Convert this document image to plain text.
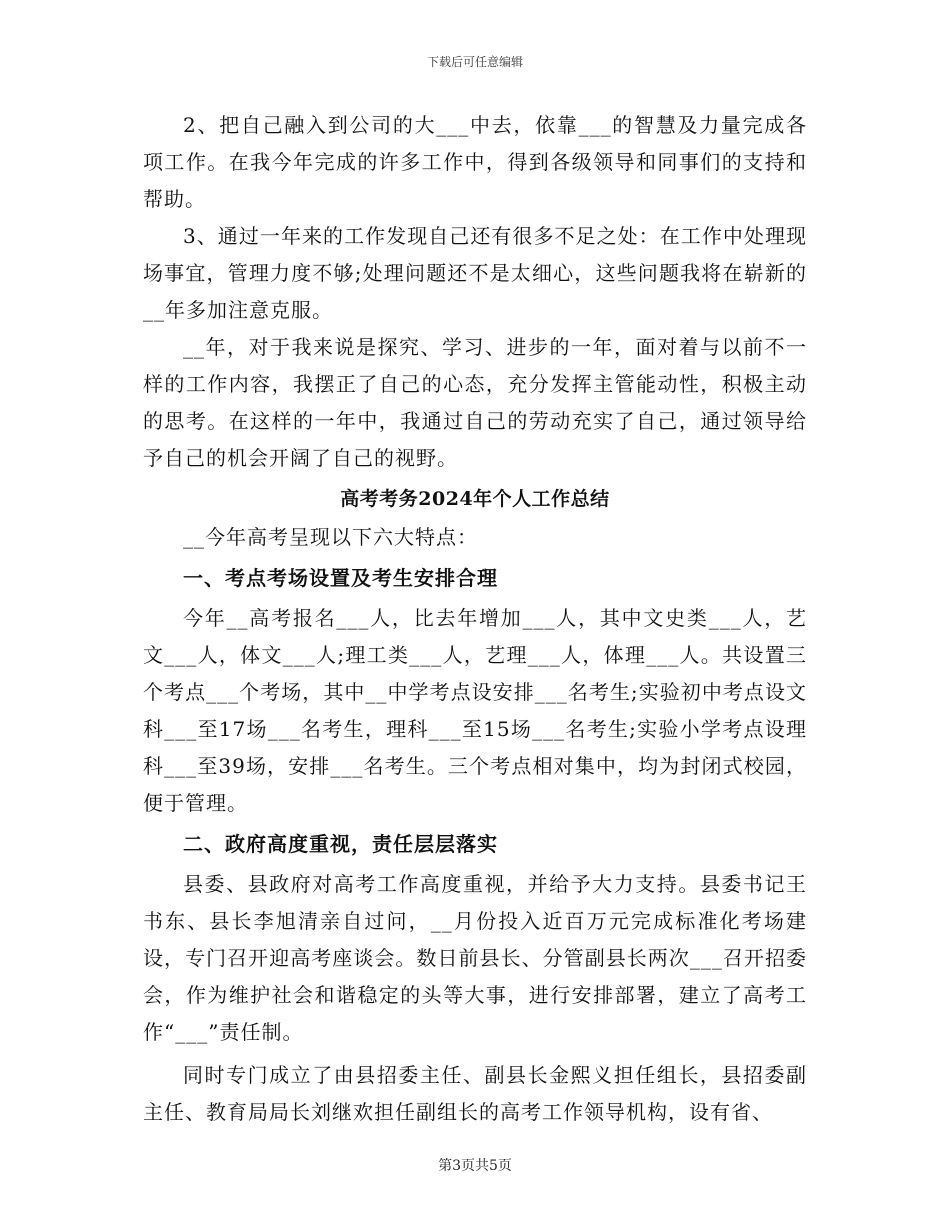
下载后可任意编辑

2、把自己融入到公司的大___中去，依靠___的智慧及力量完成各项工作。在我今年完成的许多工作中，得到各级领导和同事们的支持和帮助。

3、通过一年来的工作发现自己还有很多不足之处：在工作中处理现场事宜，管理力度不够;处理问题还不是太细心，这些问题我将在崭新的__年多加注意克服。

__年，对于我来说是探究、学习、进步的一年，面对着与以前不一样的工作内容，我摆正了自己的心态，充分发挥主管能动性，积极主动的思考。在这样的一年中，我通过自己的劳动充实了自己，通过领导给予自己的机会开阔了自己的视野。

高考考务2024年个人工作总结

__今年高考呈现以下六大特点：

一、考点考场设置及考生安排合理

今年__高考报名___人，比去年增加___人，其中文史类___人，艺文___人，体文___人;理工类___人，艺理___人，体理___人。共设置三个考点___个考场，其中__中学考点设安排___名考生;实验初中考点设文科___至17场___名考生，理科___至15场___名考生;实验小学考点设理科___至39场，安排___名考生。三个考点相对集中，均为封闭式校园，便于管理。

二、政府高度重视，责任层层落实

县委、县政府对高考工作高度重视，并给予大力支持。县委书记王书东、县长李旭清亲自过问，__月份投入近百万元完成标准化考场建设，专门召开迎高考座谈会。数日前县长、分管副县长两次___召开招委会，作为维护社会和谐稳定的头等大事，进行安排部署，建立了高考工作“___”责任制。

同时专门成立了由县招委主任、副县长金熙义担任组长，县招委副主任、教育局局长刘继欢担任副组长的高考工作领导机构，设有省、

第3页共5页
